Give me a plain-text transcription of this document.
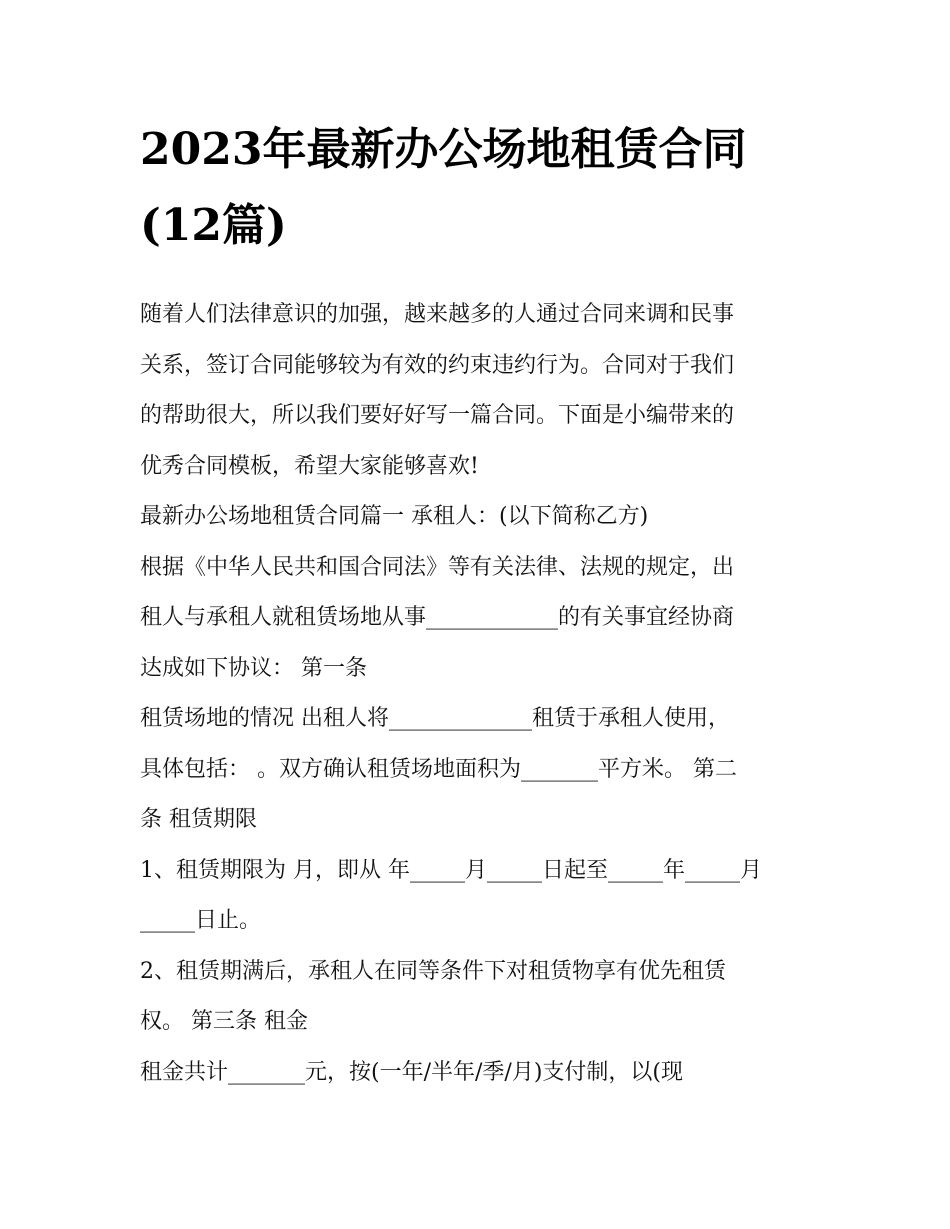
2023年最新办公场地租赁合同
(12篇)
随着人们法律意识的加强，越来越多的人通过合同来调和民事
关系，签订合同能够较为有效的约束违约行为。合同对于我们
的帮助很大，所以我们要好好写一篇合同。下面是小编带来的
优秀合同模板，希望大家能够喜欢!
最新办公场地租赁合同篇一 承租人：(以下简称乙方)
根据《中华人民共和国合同法》等有关法律、法规的规定，出
租人与承租人就租赁场地从事____________的有关事宜经协商
达成如下协议： 第一条
租赁场地的情况 出租人将_____________租赁于承租人使用，
具体包括： 。双方确认租赁场地面积为_______平方米。 第二
条 租赁期限
1、租赁期限为 月，即从 年_____月_____日起至_____年_____月
_____日止。
2、租赁期满后，承租人在同等条件下对租赁物享有优先租赁
权。 第三条 租金
租金共计_______元，按(一年/半年/季/月)支付制，以(现
